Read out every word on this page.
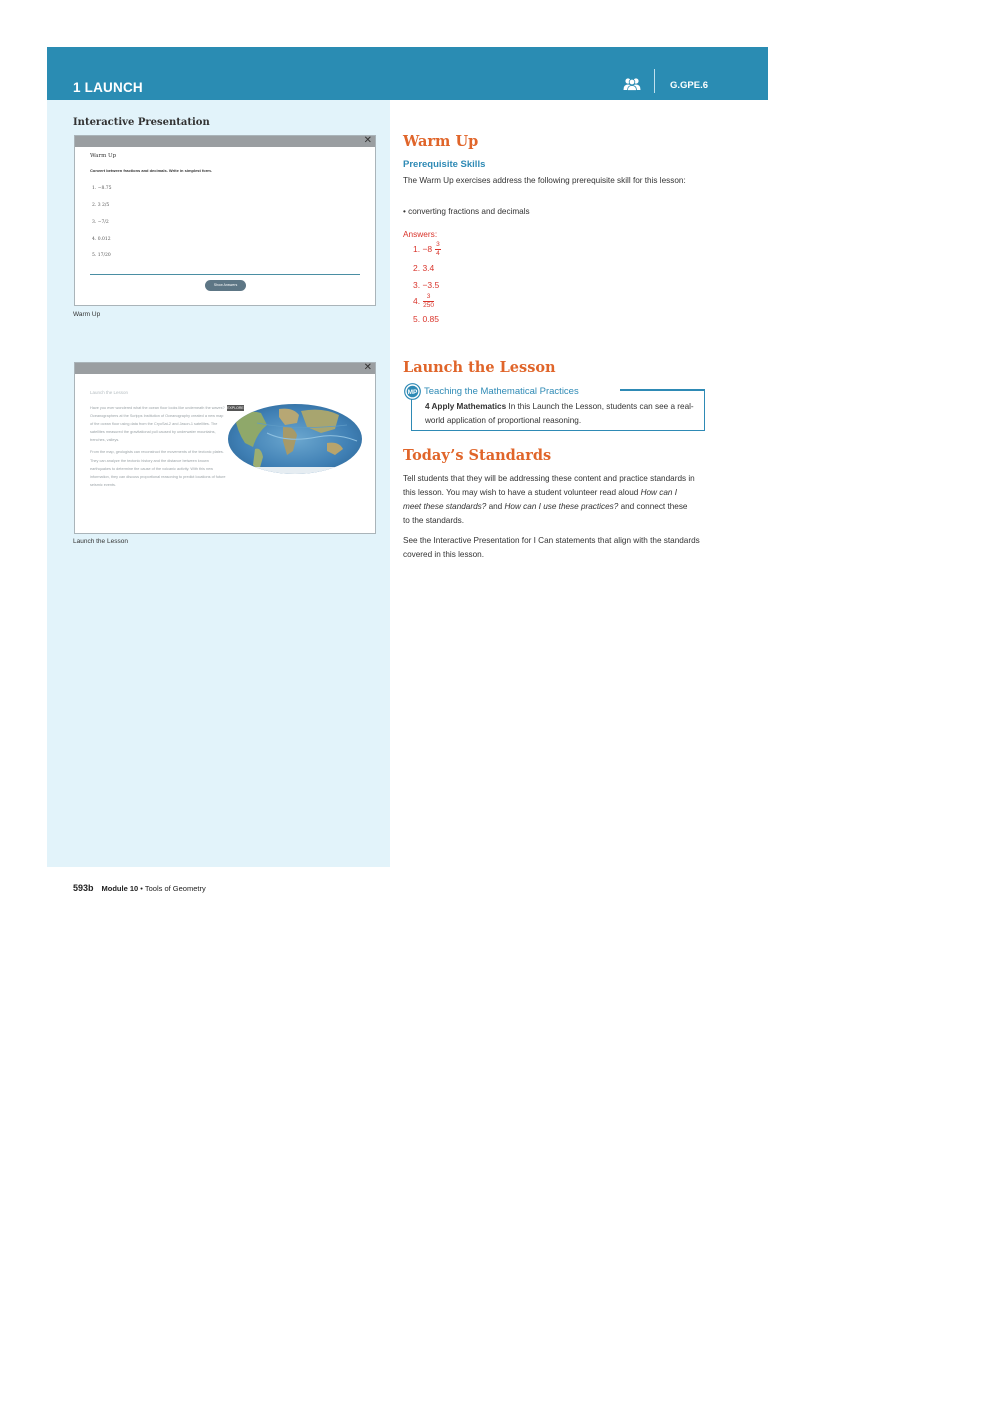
1 LAUNCH	G.GPE.6
Interactive Presentation
✕
Warm Up
Convert between fractions and decimals. Write in simplest form.
1. −8.75
2. 3 2/5
3. −7/2
4. 0.012
5. 17/20
Show Answers
Warm Up
✕
Launch the Lesson

Have you ever wondered what the ocean floor looks like underneath the waves? Oceanographers at the Scripps Institution of Oceanography created a new map of the ocean floor using data from the CryoSat-2 and Jason-1 satellites. The satellites measured the gravitational pull caused by underwater mountains, trenches, valleys.

From the map, geologists can reconstruct the movements of the tectonic plates. They can analyze the tectonic history and the distance between known earthquakes to determine the cause of the volcanic activity. With this new information, they can discuss proportional reasoning to predict locations of future seismic events.

EXPLORE
Launch the Lesson
593b Module 10 • Tools of Geometry
Warm Up
Prerequisite Skills
The Warm Up exercises address the following prerequisite skill for this lesson:
• converting fractions and decimals
Answers:
1. $-8 \frac{3}{4}$
2. 3.4
3. −3.5
4. $\frac{3}{250}$
5. 0.85
Launch the Lesson
MP Teaching the Mathematical Practices
4 Apply Mathematics In this Launch the Lesson, students can see a real-world application of proportional reasoning.
Today’s Standards
Tell students that they will be addressing these content and practice standards in this lesson. You may wish to have a student volunteer read aloud How can I meet these standards? and How can I use these practices? and connect these to the standards.
See the Interactive Presentation for I Can statements that align with the standards covered in this lesson.
